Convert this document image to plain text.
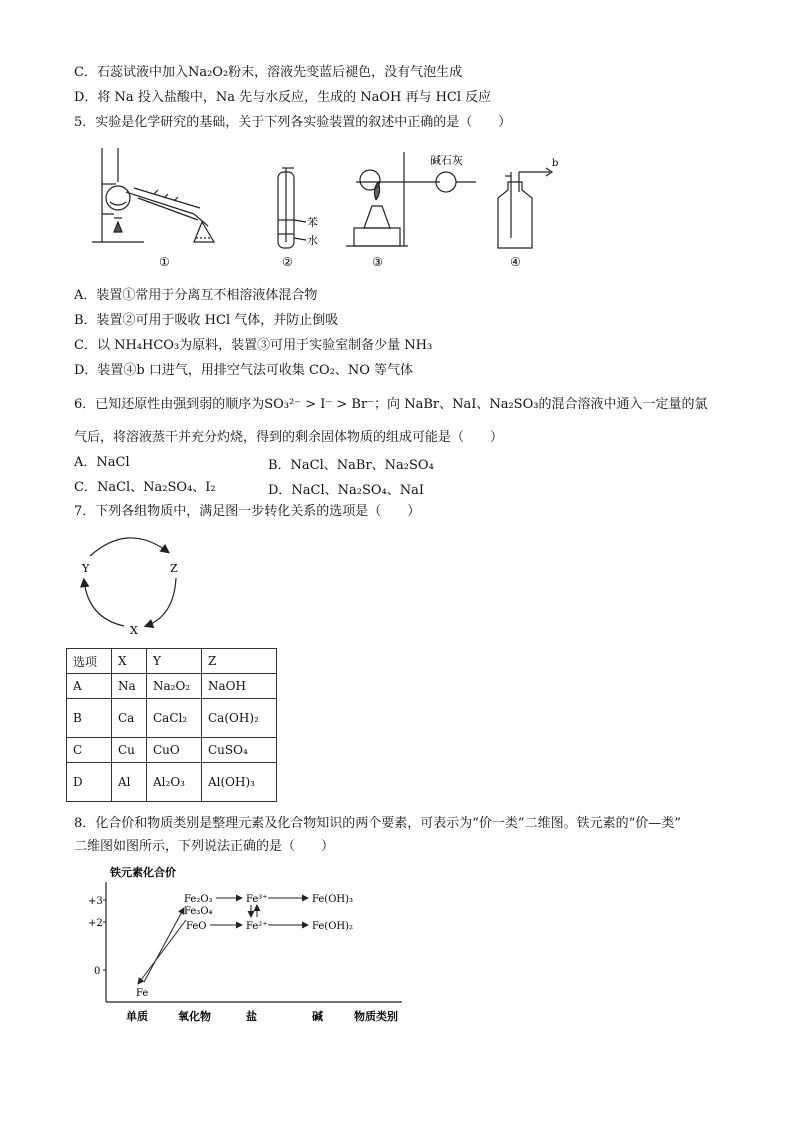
C．石蕊试液中加入Na₂O₂粉末，溶液先变蓝后褪色，没有气泡生成
D．将 Na 投入盐酸中，Na 先与水反应，生成的 NaOH 再与 HCl 反应
5．实验是化学研究的基础，关于下列各实验装置的叙述中正确的是（　　）
①
苯
水
②
碱石灰
③
b
④
A．装置①常用于分离互不相溶液体混合物
B．装置②可用于吸收 HCl 气体，并防止倒吸
C．以 NH₄HCO₃为原料，装置③可用于实验室制备少量 NH₃
D．装置④b 口进气，用排空气法可收集 CO₂、NO 等气体
6．已知还原性由强到弱的顺序为SO₃²⁻ > I⁻ > Br⁻；向 NaBr、NaI、Na₂SO₃的混合溶液中通入一定量的氯
气后，将溶液蒸干并充分灼烧，得到的剩余固体物质的组成可能是（　　）
A．NaCl	B．NaCl、NaBr、Na₂SO₄
C．NaCl、Na₂SO₄、I₂	D．NaCl、Na₂SO₄、NaI
7．下列各组物质中，满足图一步转化关系的选项是（　　）
Y	Z
X
选项	X	Y	Z
A	Na	Na₂O₂	NaOH
B	Ca	CaCl₂	Ca(OH)₂
C	Cu	CuO	CuSO₄
D	Al	Al₂O₃	Al(OH)₃
8．化合价和物质类别是整理元素及化合物知识的两个要素，可表示为“价一类”二维图。铁元素的“价—类”
二维图如图所示，下列说法正确的是（　　）
铁元素化合价
+3
+2
0
单质	氧化物	盐	碱	物质类别
Fe₂O₃
Fe₃O₄
FeO
Fe³⁺
Fe²⁺
Fe(OH)₃
Fe(OH)₂
Fe
